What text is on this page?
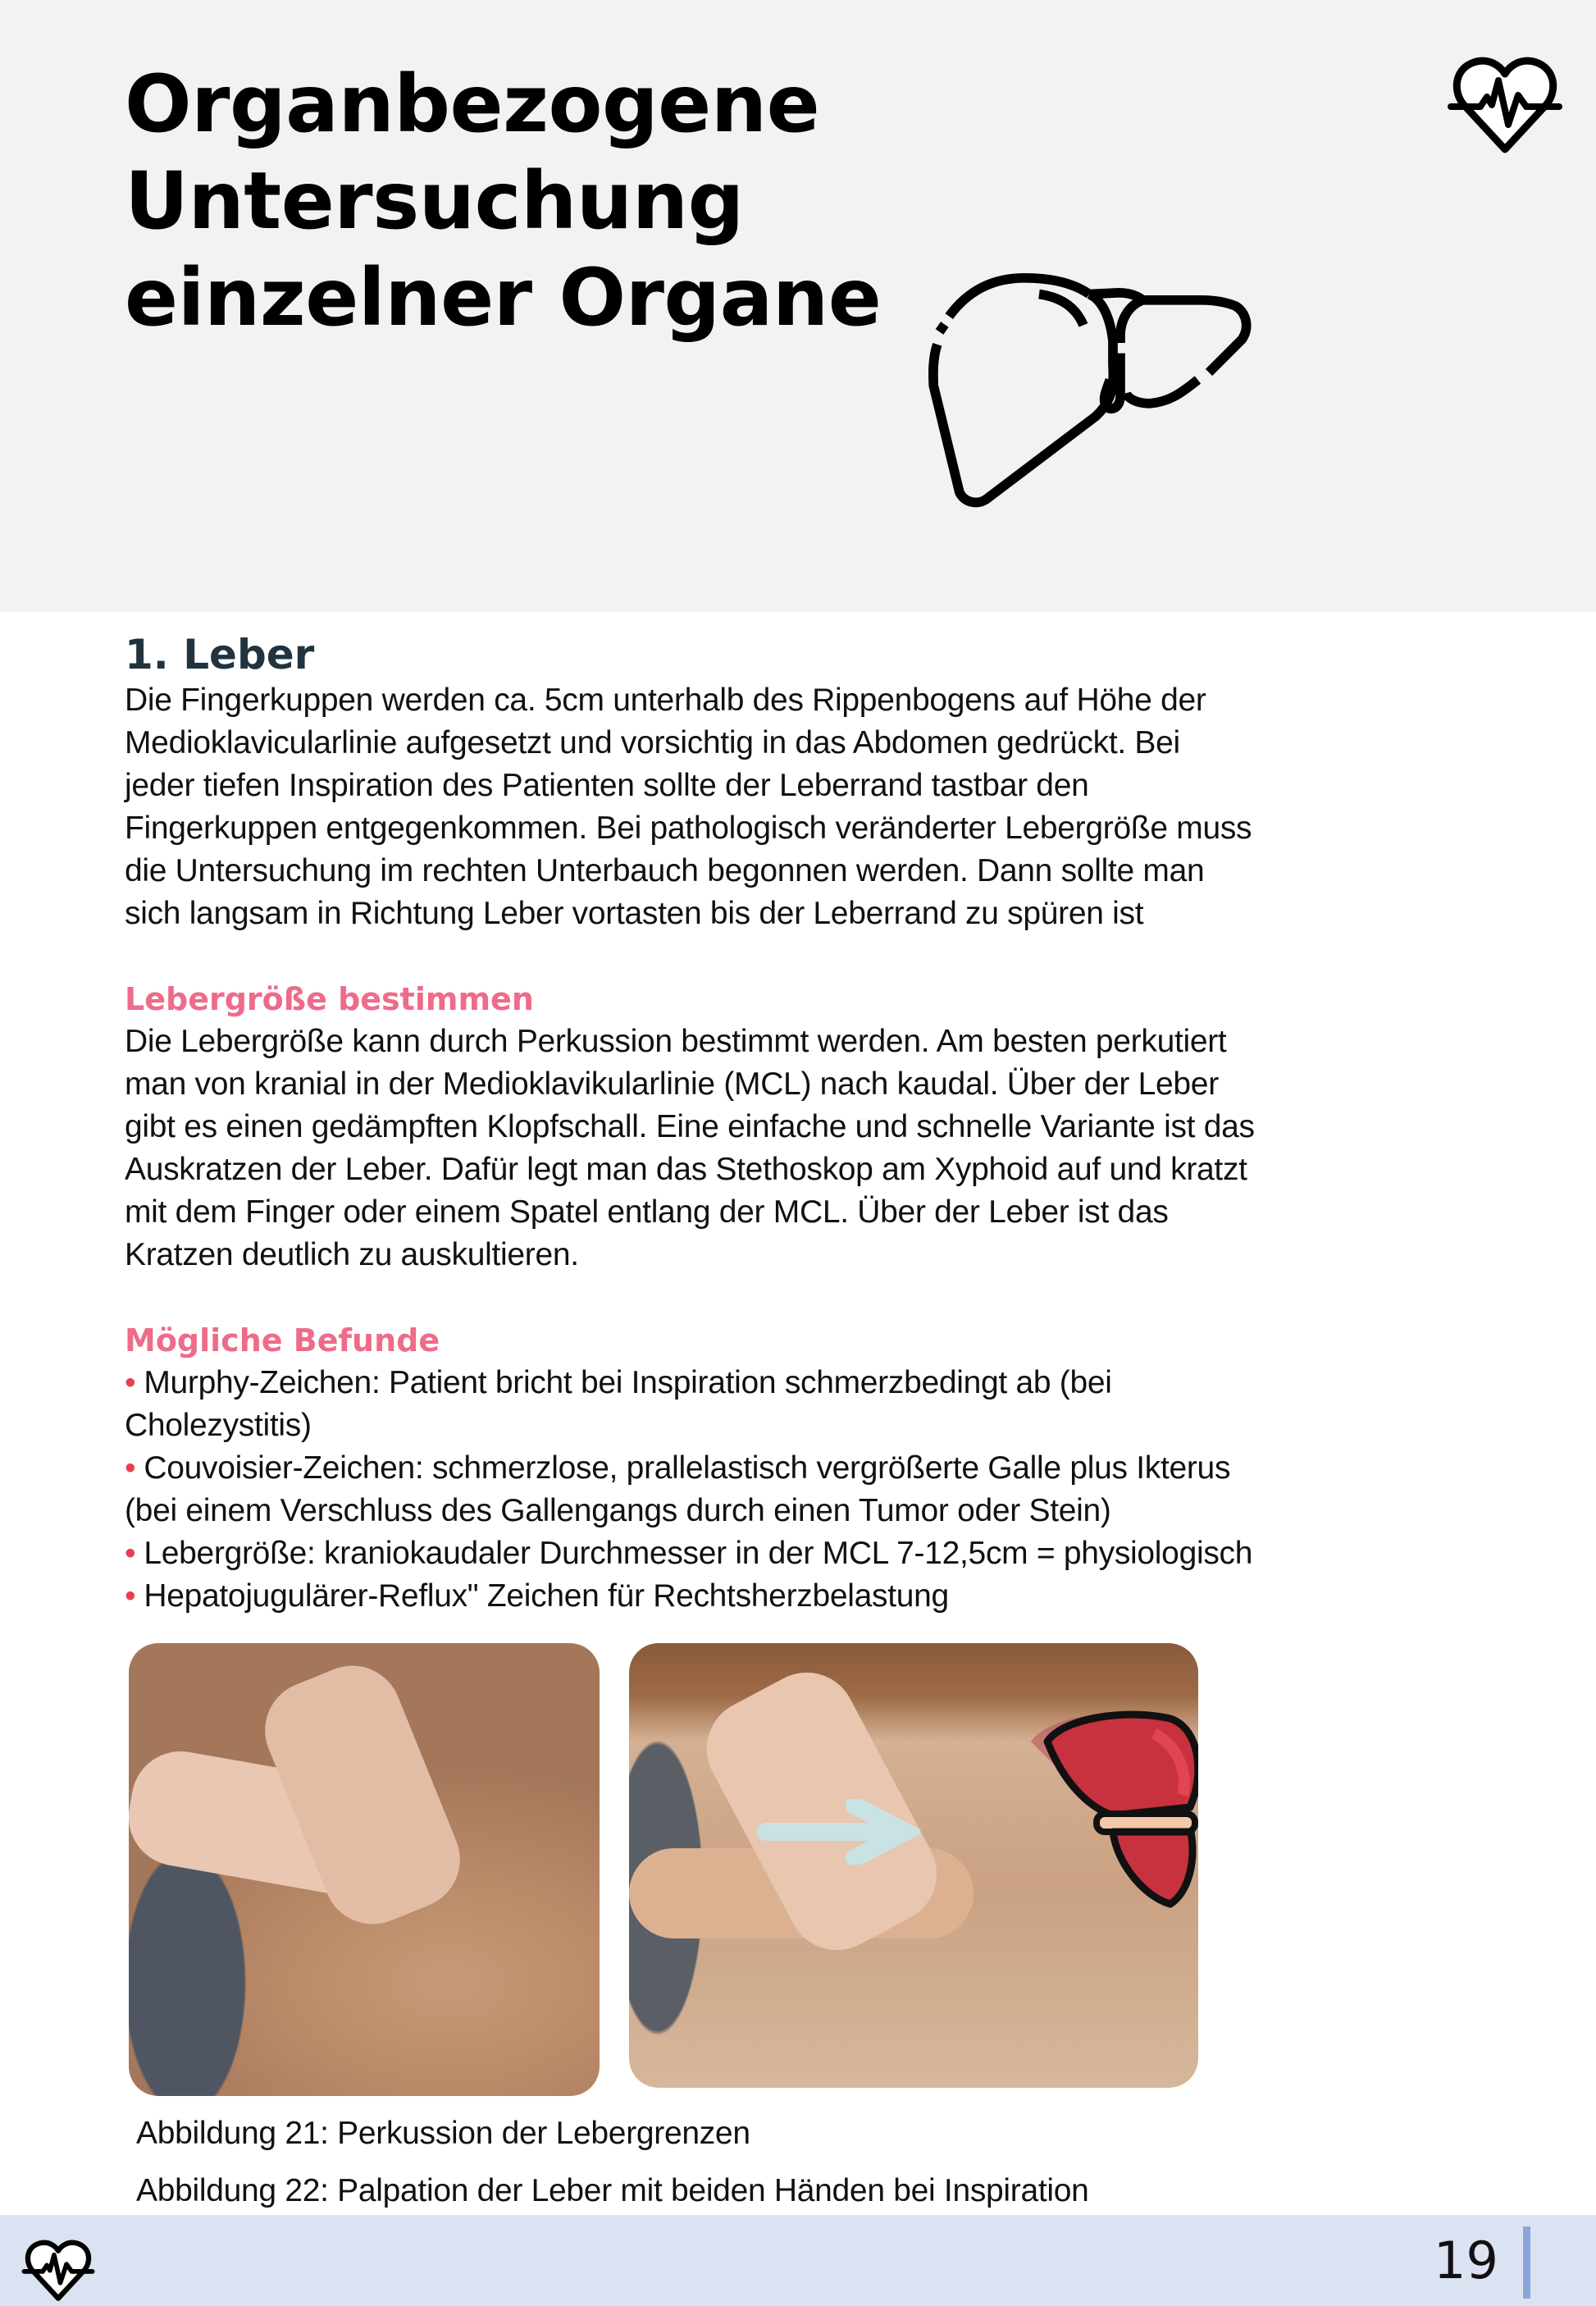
Organbezogene Untersuchung
einzelner Organe
1. Leber

Die Fingerkuppen werden ca. 5cm unterhalb des Rippenbogens auf Höhe der

Medioklavicularlinie aufgesetzt und vorsichtig in das Abdomen gedrückt. Bei

jeder tiefen Inspiration des Patienten sollte der Leberrand tastbar den

Fingerkuppen entgegenkommen. Bei pathologisch veränderter Lebergröße muss

die Untersuchung im rechten Unterbauch begonnen werden. Dann sollte man

sich langsam in Richtung Leber vortasten bis der Leberrand zu spüren ist

Lebergröße bestimmen

Die Lebergröße kann durch Perkussion bestimmt werden. Am besten perkutiert

man von kranial in der Medioklavikularlinie (MCL) nach kaudal. Über der Leber

gibt es einen gedämpften Klopfschall. Eine einfache und schnelle Variante ist das

Auskratzen der Leber. Dafür legt man das Stethoskop am Xyphoid auf und kratzt

mit dem Finger oder einem Spatel entlang der MCL. Über der Leber ist das

Kratzen deutlich zu auskultieren.

Mögliche Befunde
• Murphy-Zeichen: Patient bricht bei Inspiration schmerzbedingt ab (bei
Cholezystitis)
• Couvoisier-Zeichen: schmerzlose, prallelastisch vergrößerte Galle plus Ikterus
(bei einem Verschluss des Gallengangs durch einen Tumor oder Stein)
• Lebergröße: kraniokaudaler Durchmesser in der MCL 7-12,5cm = physiologisch
• Hepatojugulärer-Reflux" Zeichen für Rechtsherzbelastung

Abbildung 21: Perkussion der Lebergrenzen

Abbildung 22: Palpation der Leber mit beiden Händen bei Inspiration

19
